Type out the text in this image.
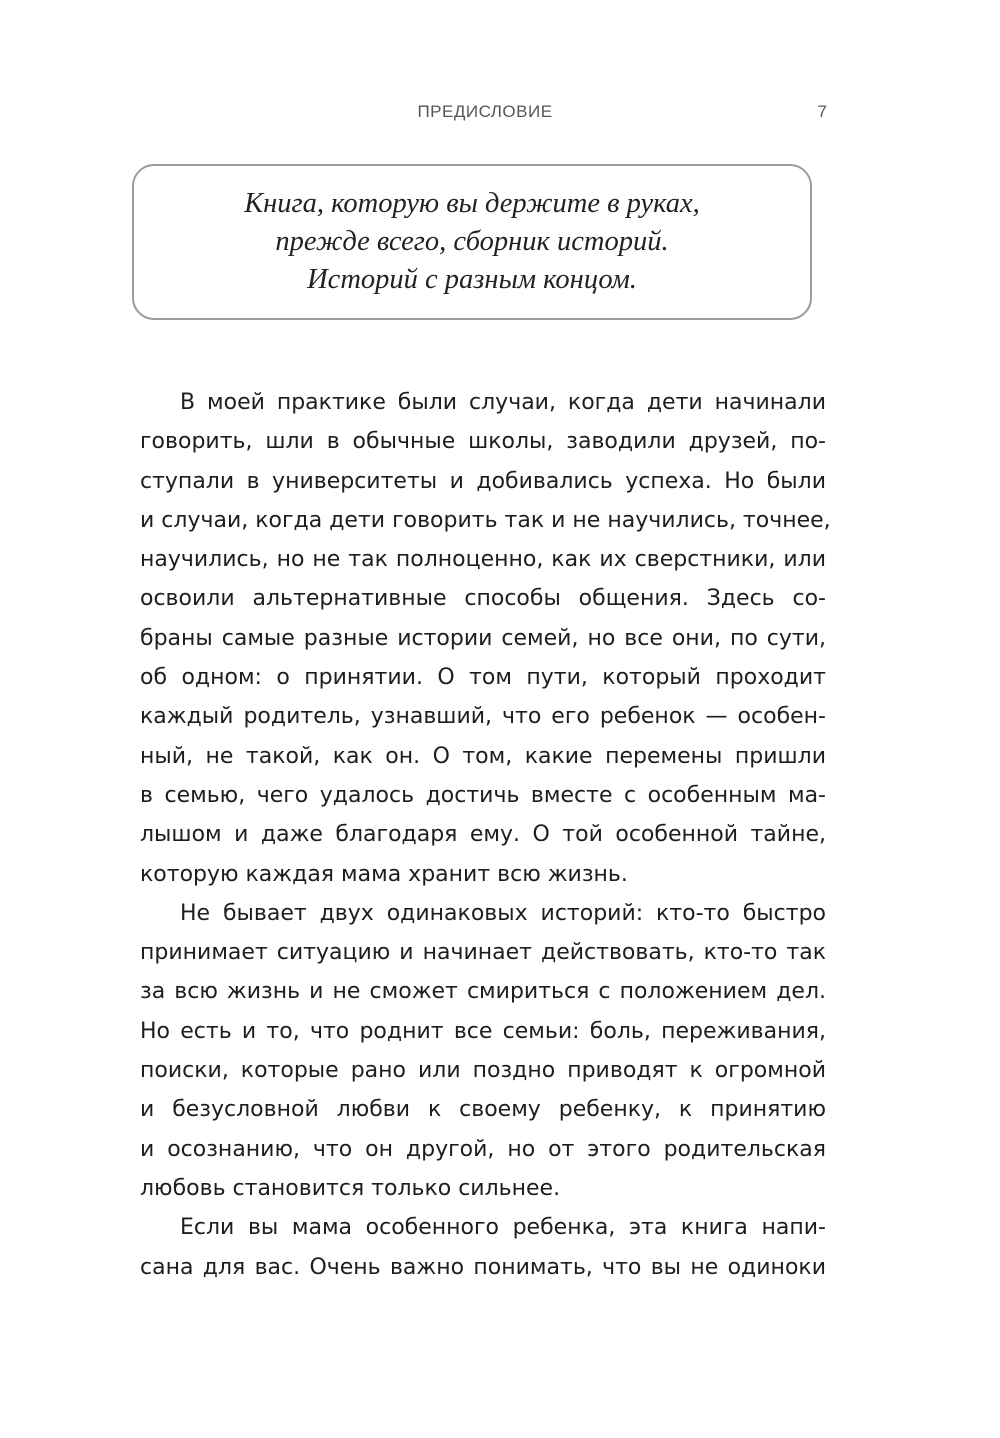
ПРЕДИСЛОВИЕ	7
Книга, которую вы держите в руках,
прежде всего, сборник историй.
Историй с разным концом.
В моей практике были случаи, когда дети начинали
говорить, шли в обычные школы, заводили друзей, по-
ступали в университеты и добивались успеха. Но были
и случаи, когда дети говорить так и не научились, точнее,
научились, но не так полноценно, как их сверстники, или
освоили альтернативные способы общения. Здесь со-
браны самые разные истории семей, но все они, по сути,
об одном: о принятии. О том пути, который проходит
каждый родитель, узнавший, что его ребенок — особен-
ный, не такой, как он. О том, какие перемены пришли
в семью, чего удалось достичь вместе с особенным ма-
лышом и даже благодаря ему. О той особенной тайне,
которую каждая мама хранит всю жизнь.
Не бывает двух одинаковых историй: кто-то быстро
принимает ситуацию и начинает действовать, кто-то так
за всю жизнь и не сможет смириться с положением дел.
Но есть и то, что роднит все семьи: боль, переживания,
поиски, которые рано или поздно приводят к огромной
и безусловной любви к своему ребенку, к принятию
и осознанию, что он другой, но от этого родительская
любовь становится только сильнее.
Если вы мама особенного ребенка, эта книга напи-
сана для вас. Очень важно понимать, что вы не одиноки
